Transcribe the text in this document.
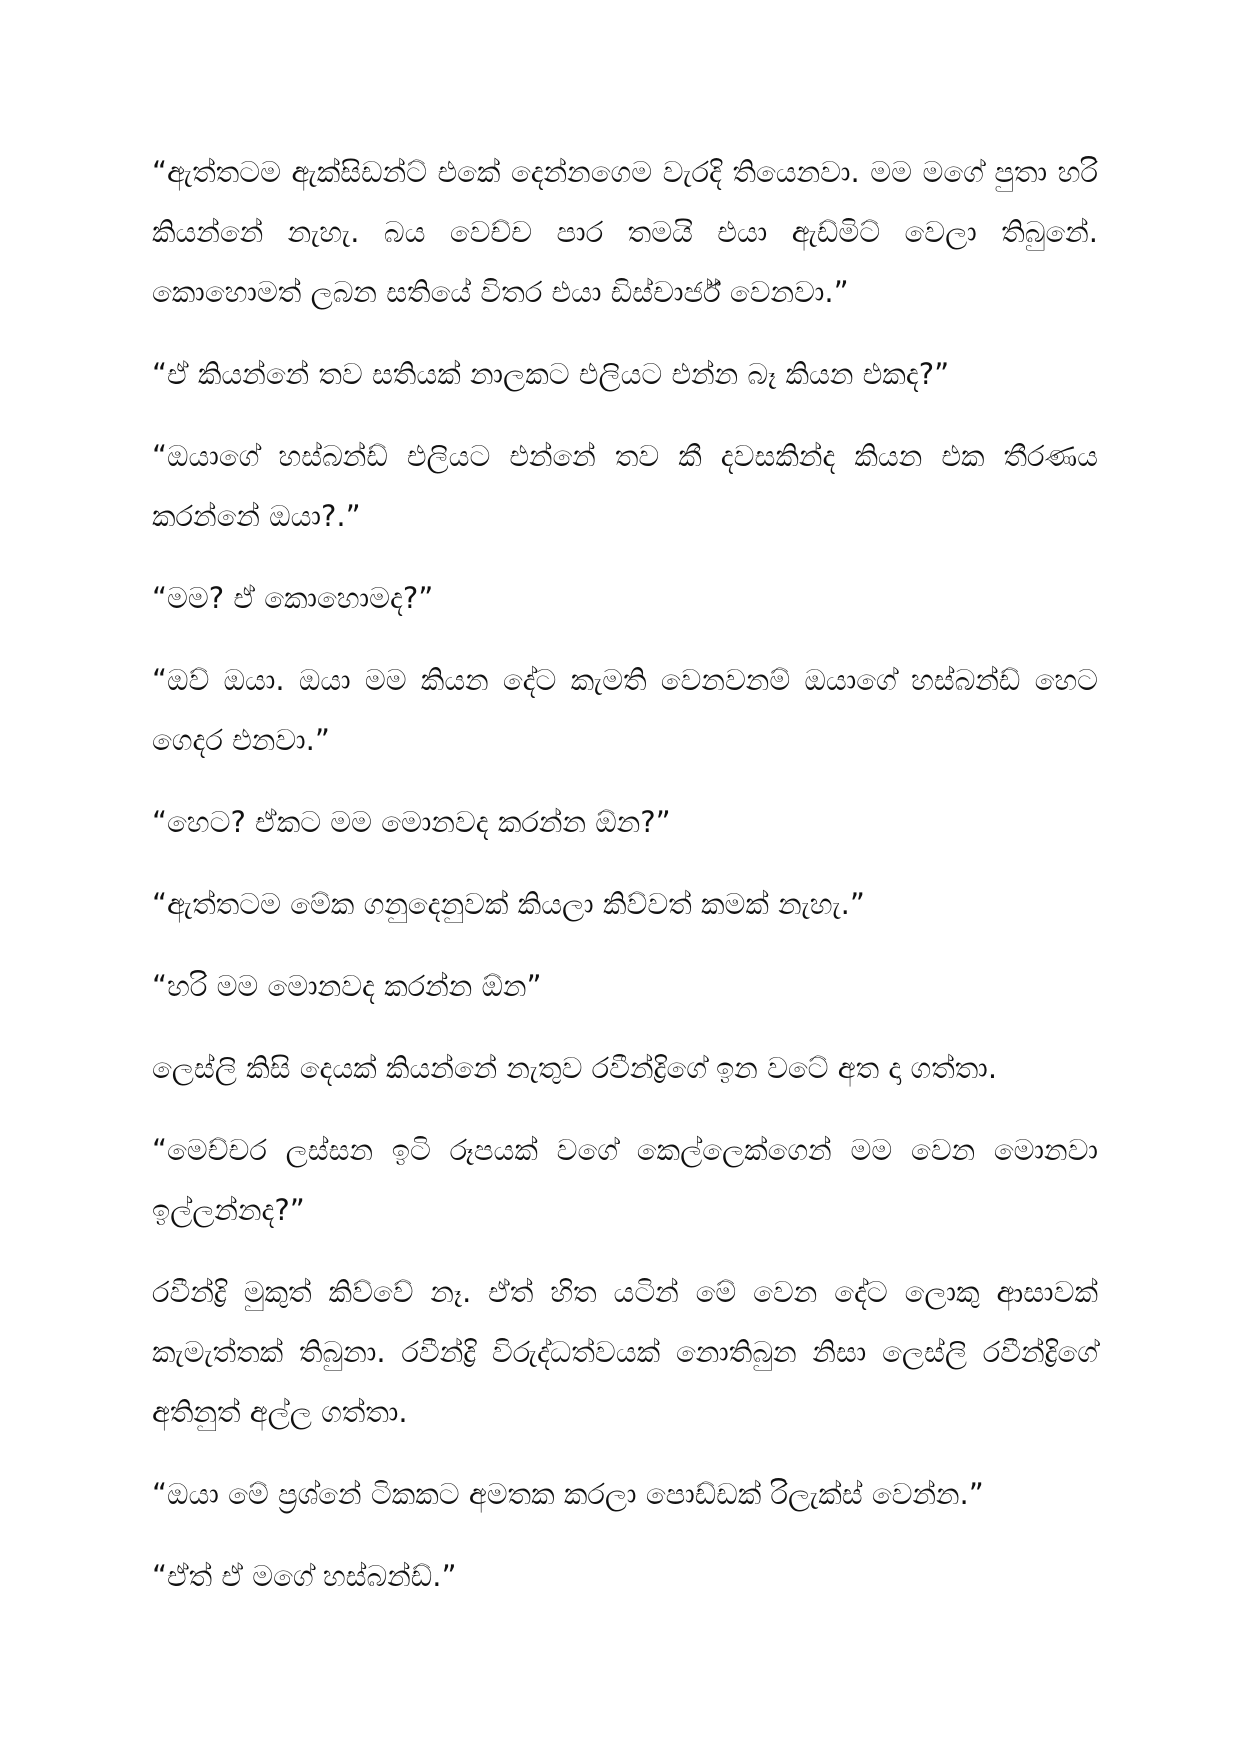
“ඇත්තටම ඇක්සිඩන්ට් එකේ දෙන්නගෙම වැරදි තියෙනවා. මම මගේ පුතා හරි කියන්නේ නැහැ. බය වෙච්ච පාර තමයි එයා ඇඩ්මිට් වෙලා තිබුනේ. කොහොමත් ලබන සතියේ විතර එයා ඩිස්චාර්ජ් වෙනවා.”

“ඒ කියන්නේ තව සතියක් නාලකට එලියට එන්න බෑ කියන එකද?”

“ඔයාගේ හස්බන්ඩ් එලියට එන්නේ තව කී දවසකින්ද කියන එක තීරණය කරන්නේ ඔයා?.”

“මම? ඒ කොහොමද?”

“ඔව් ඔයා. ඔයා මම කියන දේට කැමති වෙනවනම් ඔයාගේ හස්බන්ඩ් හෙට ගෙදර එනවා.”

“හෙට? ඒකට මම මොනවද කරන්න ඕන?”

“ඇත්තටම මේක ගනුදෙනුවක් කියලා කිව්වත් කමක් නැහැ.”

“හරි මම මොනවද කරන්න ඕන”

ලෙස්ලි කිසි දෙයක් කියන්නේ නැතුව රවීන්ද්‍රිගේ ඉන වටේ අත දා ගත්තා.

“මෙච්චර ලස්සන ඉටි රූපයක් වගේ කෙල්ලෙක්ගෙන් මම වෙන මොනවා ඉල්ලන්නද?”

රවීන්ද්‍රි මුකුත් කිව්වේ නෑ. ඒත් හිත යටින් මේ වෙන දේට ලොකු ආසාවක් කැමැත්තක් තිබුනා. රවීන්ද්‍රි විරුද්ධත්වයක් නොතිබුන නිසා ලෙස්ලි රවීන්ද්‍රිගේ අතිනුත් අල්ල ගත්තා.

“ඔයා මේ ප්‍රශ්නේ ටිකකට අමතක කරලා පොඩ්ඩක් රිලැක්ස් වෙන්න.”

“ඒත් ඒ මගේ හස්බන්ඩ්.”
